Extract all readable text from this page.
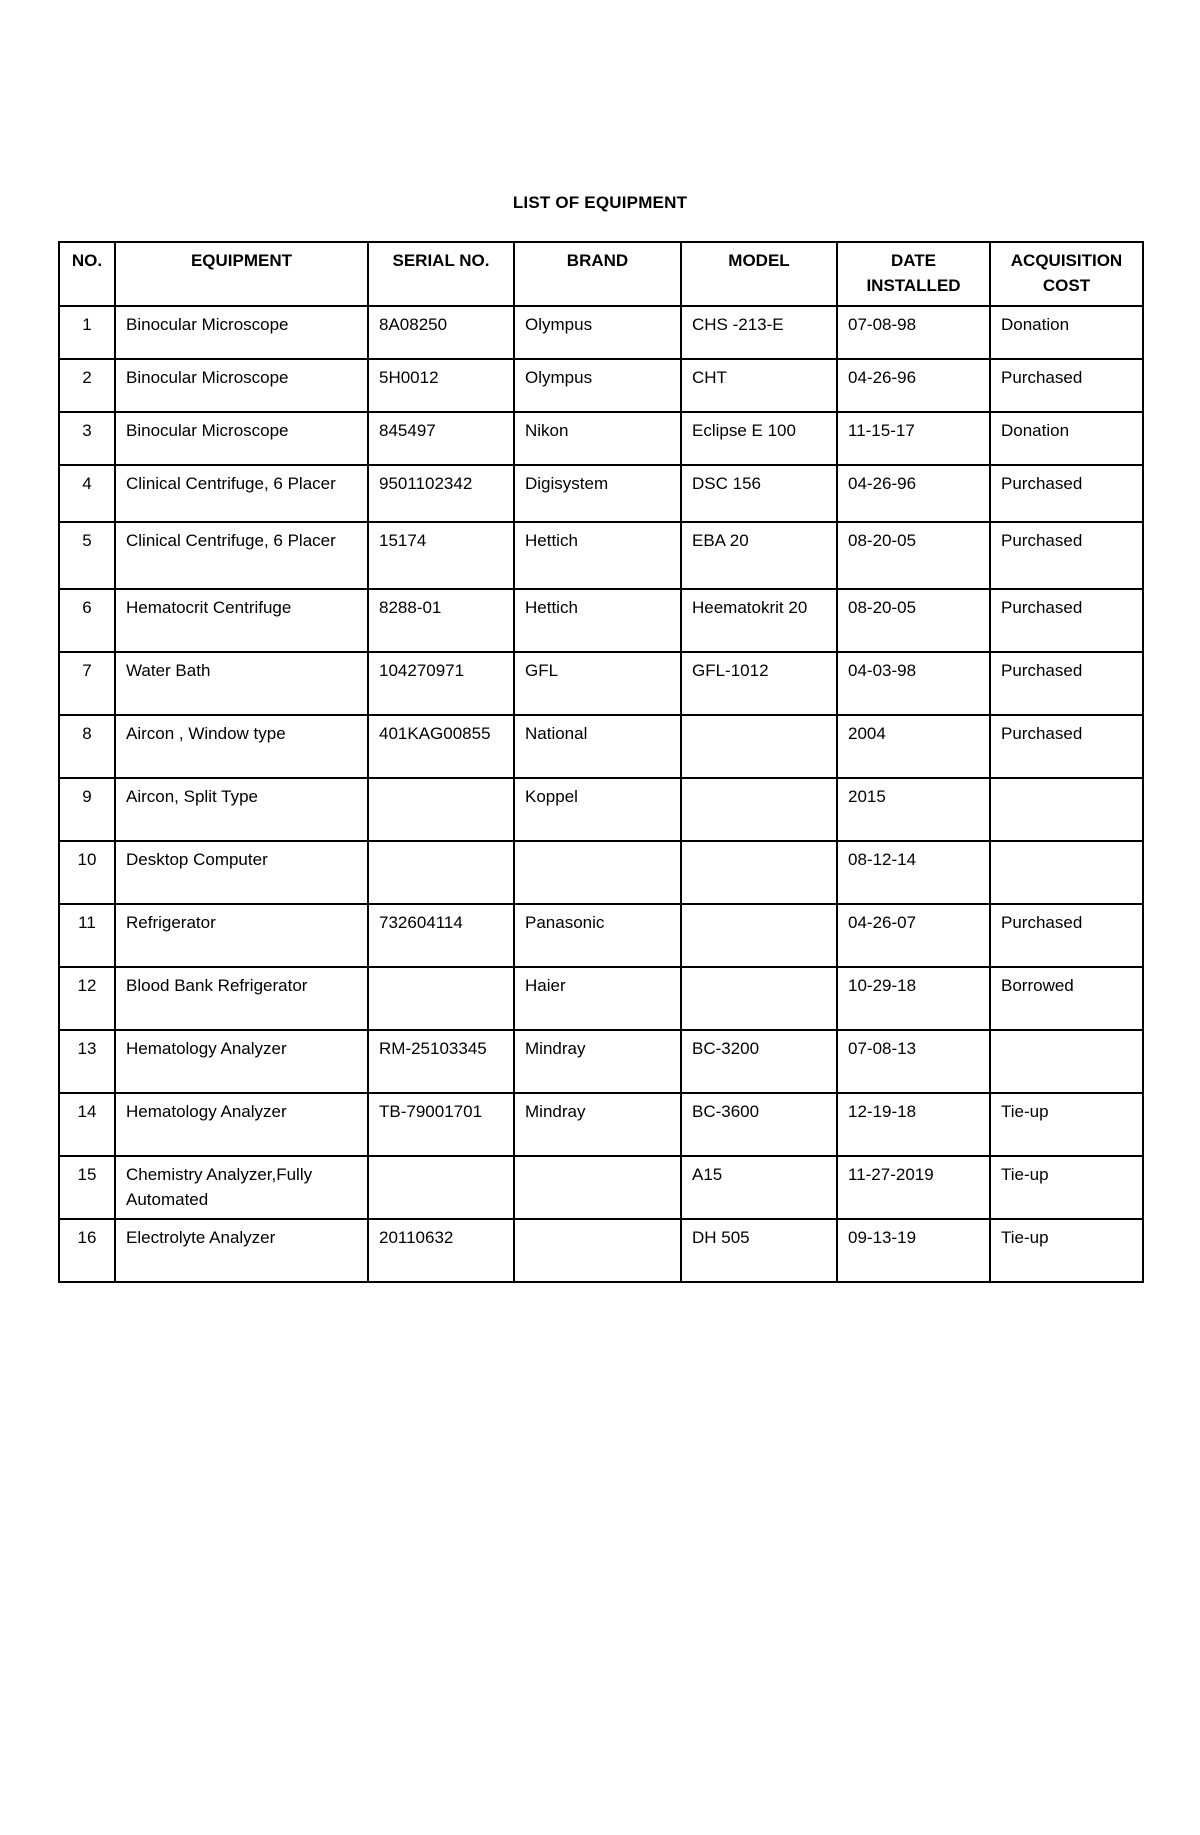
LIST OF EQUIPMENT
NO.	EQUIPMENT	SERIAL NO.	BRAND	MODEL	DATE INSTALLED	ACQUISITION COST
1	Binocular Microscope	8A08250	Olympus	CHS -213-E	07-08-98	Donation
2	Binocular Microscope	5H0012	Olympus	CHT	04-26-96	Purchased
3	Binocular Microscope	845497	Nikon	Eclipse E 100	11-15-17	Donation
4	Clinical Centrifuge, 6 Placer	9501102342	Digisystem	DSC 156	04-26-96	Purchased
5	Clinical Centrifuge, 6 Placer	15174	Hettich	EBA 20	08-20-05	Purchased
6	Hematocrit Centrifuge	8288-01	Hettich	Heematokrit 20	08-20-05	Purchased
7	Water Bath	104270971	GFL	GFL-1012	04-03-98	Purchased
8	Aircon , Window type	401KAG00855	National		2004	Purchased
9	Aircon, Split Type		Koppel		2015	
10	Desktop Computer				08-12-14	
11	Refrigerator	732604114	Panasonic		04-26-07	Purchased
12	Blood Bank Refrigerator		Haier		10-29-18	Borrowed
13	Hematology Analyzer	RM-25103345	Mindray	BC-3200	07-08-13	
14	Hematology Analyzer	TB-79001701	Mindray	BC-3600	12-19-18	Tie-up
15	Chemistry Analyzer,Fully Automated			A15	11-27-2019	Tie-up
16	Electrolyte Analyzer	20110632		DH 505	09-13-19	Tie-up
